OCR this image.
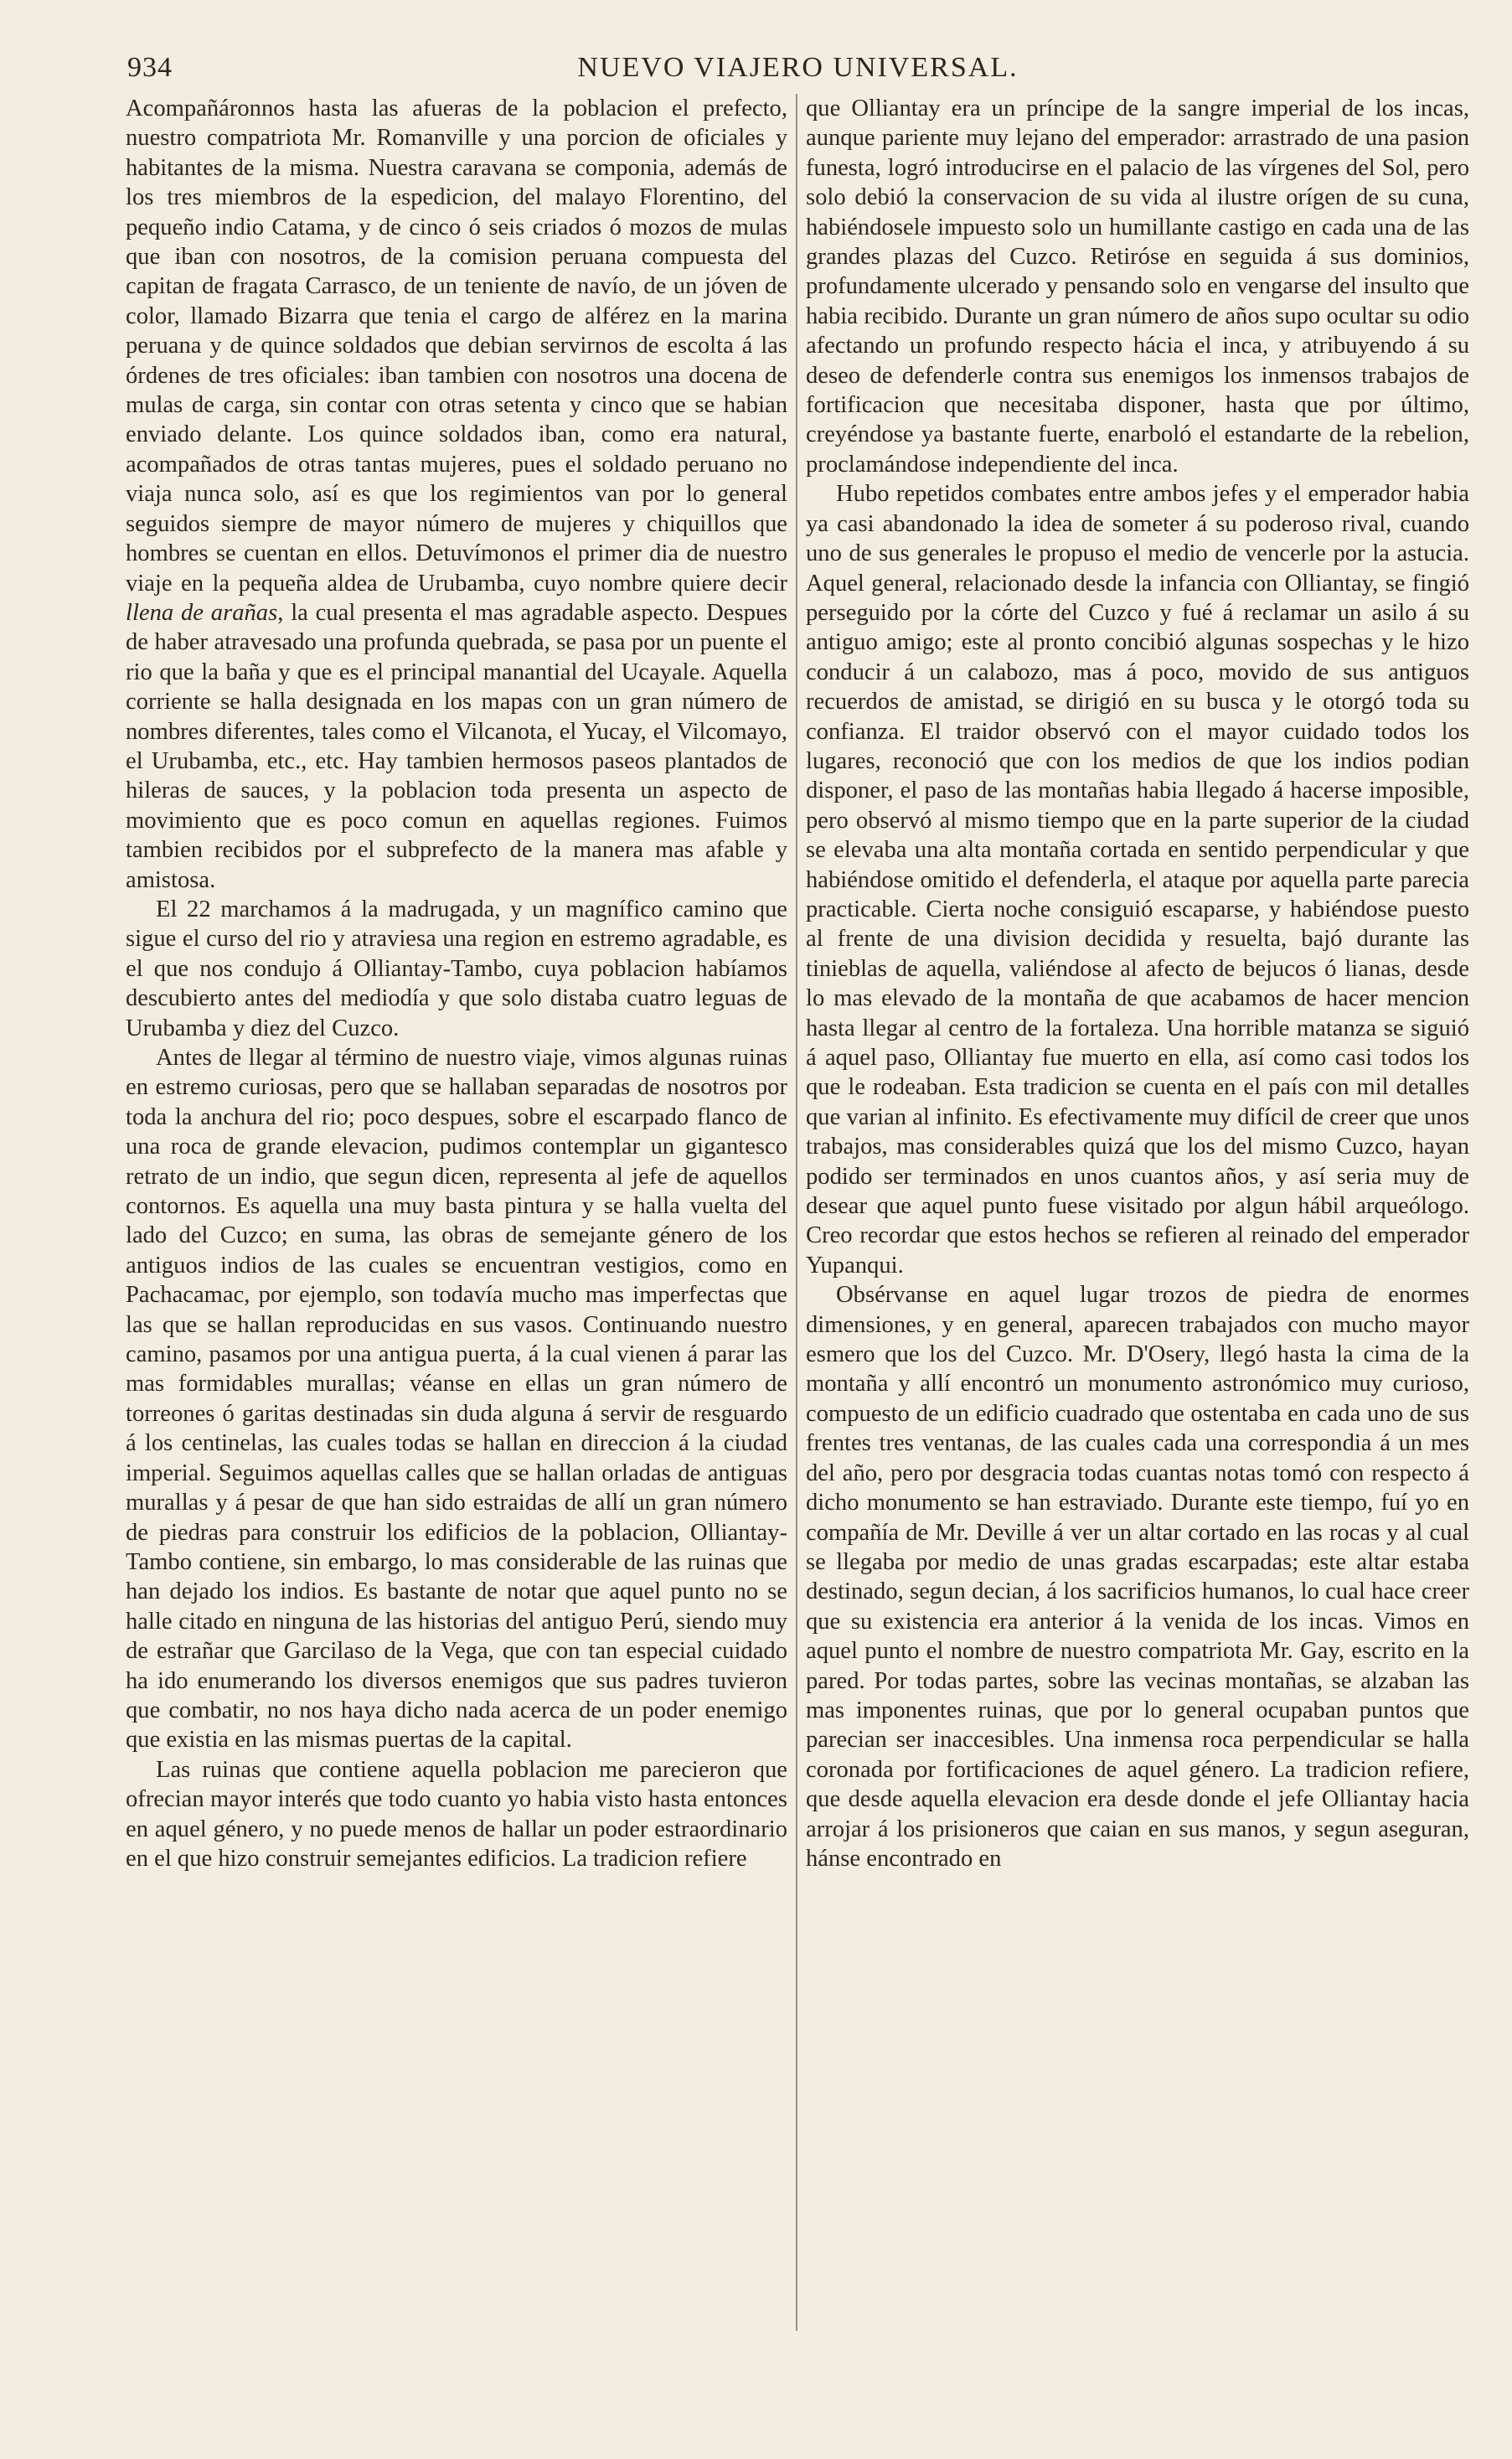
934	NUEVO VIAJERO UNIVERSAL.

Acompañáronnos hasta las afueras de la poblacion el prefecto, nuestro compatriota Mr. Romanville y una porcion de oficiales y habitantes de la misma. Nuestra caravana se componia, además de los tres miembros de la espedicion, del malayo Florentino, del pequeño indio Catama, y de cinco ó seis criados ó mozos de mulas que iban con nosotros, de la comision peruana compuesta del capitan de fragata Carrasco, de un teniente de navío, de un jóven de color, llamado Bizarra que tenia el cargo de alférez en la marina peruana y de quince soldados que debian servirnos de escolta á las órdenes de tres oficiales: iban tambien con nosotros una docena de mulas de carga, sin contar con otras setenta y cinco que se habian enviado delante. Los quince soldados iban, como era natural, acompañados de otras tantas mujeres, pues el soldado peruano no viaja nunca solo, así es que los regimientos van por lo general seguidos siempre de mayor número de mujeres y chiquillos que hombres se cuentan en ellos. Detuvímonos el primer dia de nuestro viaje en la pequeña aldea de Urubamba, cuyo nombre quiere decir llena de arañas, la cual presenta el mas agradable aspecto. Despues de haber atravesado una profunda quebrada, se pasa por un puente el rio que la baña y que es el principal manantial del Ucayale. Aquella corriente se halla designada en los mapas con un gran número de nombres diferentes, tales como el Vilcanota, el Yucay, el Vilcomayo, el Urubamba, etc., etc. Hay tambien hermosos paseos plantados de hileras de sauces, y la poblacion toda presenta un aspecto de movimiento que es poco comun en aquellas regiones. Fuimos tambien recibidos por el subprefecto de la manera mas afable y amistosa.

El 22 marchamos á la madrugada, y un magnífico camino que sigue el curso del rio y atraviesa una region en estremo agradable, es el que nos condujo á Olliantay-Tambo, cuya poblacion habíamos descubierto antes del mediodía y que solo distaba cuatro leguas de Urubamba y diez del Cuzco.

Antes de llegar al término de nuestro viaje, vimos algunas ruinas en estremo curiosas, pero que se hallaban separadas de nosotros por toda la anchura del rio; poco despues, sobre el escarpado flanco de una roca de grande elevacion, pudimos contemplar un gigantesco retrato de un indio, que segun dicen, representa al jefe de aquellos contornos. Es aquella una muy basta pintura y se halla vuelta del lado del Cuzco; en suma, las obras de semejante género de los antiguos indios de las cuales se encuentran vestigios, como en Pachacamac, por ejemplo, son todavía mucho mas imperfectas que las que se hallan reproducidas en sus vasos. Continuando nuestro camino, pasamos por una antigua puerta, á la cual vienen á parar las mas formidables murallas; véanse en ellas un gran número de torreones ó garitas destinadas sin duda alguna á servir de resguardo á los centinelas, las cuales todas se hallan en direccion á la ciudad imperial. Seguimos aquellas calles que se hallan orladas de antiguas murallas y á pesar de que han sido estraidas de allí un gran número de piedras para construir los edificios de la poblacion, Olliantay-Tambo contiene, sin embargo, lo mas considerable de las ruinas que han dejado los indios. Es bastante de notar que aquel punto no se halle citado en ninguna de las historias del antiguo Perú, siendo muy de estrañar que Garcilaso de la Vega, que con tan especial cuidado ha ido enumerando los diversos enemigos que sus padres tuvieron que combatir, no nos haya dicho nada acerca de un poder enemigo que existia en las mismas puertas de la capital.

Las ruinas que contiene aquella poblacion me parecieron que ofrecian mayor interés que todo cuanto yo habia visto hasta entonces en aquel género, y no puede menos de hallar un poder estraordinario en el que hizo construir semejantes edificios. La tradicion refiere

que Olliantay era un príncipe de la sangre imperial de los incas, aunque pariente muy lejano del emperador: arrastrado de una pasion funesta, logró introducirse en el palacio de las vírgenes del Sol, pero solo debió la conservacion de su vida al ilustre orígen de su cuna, habiéndosele impuesto solo un humillante castigo en cada una de las grandes plazas del Cuzco. Retiróse en seguida á sus dominios, profundamente ulcerado y pensando solo en vengarse del insulto que habia recibido. Durante un gran número de años supo ocultar su odio afectando un profundo respecto hácia el inca, y atribuyendo á su deseo de defenderle contra sus enemigos los inmensos trabajos de fortificacion que necesitaba disponer, hasta que por último, creyéndose ya bastante fuerte, enarboló el estandarte de la rebelion, proclamándose independiente del inca.

Hubo repetidos combates entre ambos jefes y el emperador habia ya casi abandonado la idea de someter á su poderoso rival, cuando uno de sus generales le propuso el medio de vencerle por la astucia. Aquel general, relacionado desde la infancia con Olliantay, se fingió perseguido por la córte del Cuzco y fué á reclamar un asilo á su antiguo amigo; este al pronto concibió algunas sospechas y le hizo conducir á un calabozo, mas á poco, movido de sus antiguos recuerdos de amistad, se dirigió en su busca y le otorgó toda su confianza. El traidor observó con el mayor cuidado todos los lugares, reconoció que con los medios de que los indios podian disponer, el paso de las montañas habia llegado á hacerse imposible, pero observó al mismo tiempo que en la parte superior de la ciudad se elevaba una alta montaña cortada en sentido perpendicular y que habiéndose omitido el defenderla, el ataque por aquella parte parecia practicable. Cierta noche consiguió escaparse, y habiéndose puesto al frente de una division decidida y resuelta, bajó durante las tinieblas de aquella, valiéndose al afecto de bejucos ó lianas, desde lo mas elevado de la montaña de que acabamos de hacer mencion hasta llegar al centro de la fortaleza. Una horrible matanza se siguió á aquel paso, Olliantay fue muerto en ella, así como casi todos los que le rodeaban. Esta tradicion se cuenta en el país con mil detalles que varian al infinito. Es efectivamente muy difícil de creer que unos trabajos, mas considerables quizá que los del mismo Cuzco, hayan podido ser terminados en unos cuantos años, y así seria muy de desear que aquel punto fuese visitado por algun hábil arqueólogo. Creo recordar que estos hechos se refieren al reinado del emperador Yupanqui.

Obsérvanse en aquel lugar trozos de piedra de enormes dimensiones, y en general, aparecen trabajados con mucho mayor esmero que los del Cuzco. Mr. D'Osery, llegó hasta la cima de la montaña y allí encontró un monumento astronómico muy curioso, compuesto de un edificio cuadrado que ostentaba en cada uno de sus frentes tres ventanas, de las cuales cada una correspondia á un mes del año, pero por desgracia todas cuantas notas tomó con respecto á dicho monumento se han estraviado. Durante este tiempo, fuí yo en compañía de Mr. Deville á ver un altar cortado en las rocas y al cual se llegaba por medio de unas gradas escarpadas; este altar estaba destinado, segun decian, á los sacrificios humanos, lo cual hace creer que su existencia era anterior á la venida de los incas. Vimos en aquel punto el nombre de nuestro compatriota Mr. Gay, escrito en la pared. Por todas partes, sobre las vecinas montañas, se alzaban las mas imponentes ruinas, que por lo general ocupaban puntos que parecian ser inaccesibles. Una inmensa roca perpendicular se halla coronada por fortificaciones de aquel género. La tradicion refiere, que desde aquella elevacion era desde donde el jefe Olliantay hacia arrojar á los prisioneros que caian en sus manos, y segun aseguran, hánse encontrado en
